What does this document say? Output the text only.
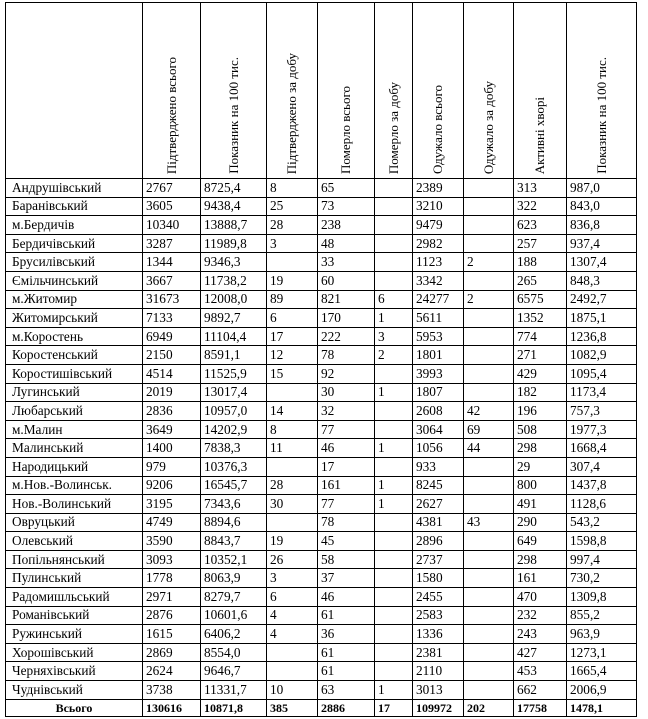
	Підтверджено всього	Показник на 100 тис.	Підтверджено за добу	Померло всього	Померло за добу	Одужало всього	Одужало за добу	Активні хворі	Показник на 100 тис.

Андрушівський	2767	8725,4	8	65		2389		313	987,0
Баранівський	3605	9438,4	25	73		3210		322	843,0
м.Бердичів	10340	13888,7	28	238		9479		623	836,8
Бердичівський	3287	11989,8	3	48		2982		257	937,4
Брусилівський	1344	9346,3		33		1123	2	188	1307,4
Ємільчинський	3667	11738,2	19	60		3342		265	848,3
м.Житомир	31673	12008,0	89	821	6	24277	2	6575	2492,7
Житомирський	7133	9892,7	6	170	1	5611		1352	1875,1
м.Коростень	6949	11104,4	17	222	3	5953		774	1236,8
Коростенський	2150	8591,1	12	78	2	1801		271	1082,9
Коростишівський	4514	11525,9	15	92		3993		429	1095,4
Лугинський	2019	13017,4		30	1	1807		182	1173,4
Любарський	2836	10957,0	14	32		2608	42	196	757,3
м.Малин	3649	14202,9	8	77		3064	69	508	1977,3
Малинський	1400	7838,3	11	46	1	1056	44	298	1668,4
Народицький	979	10376,3		17		933		29	307,4
м.Нов.-Волинськ.	9206	16545,7	28	161	1	8245		800	1437,8
Нов.-Волинський	3195	7343,6	30	77	1	2627		491	1128,6
Овруцький	4749	8894,6		78		4381	43	290	543,2
Олевський	3590	8843,7	19	45		2896		649	1598,8
Попільнянський	3093	10352,1	26	58		2737		298	997,4
Пулинський	1778	8063,9	3	37		1580		161	730,2
Радомишльський	2971	8279,7	6	46		2455		470	1309,8
Романівський	2876	10601,6	4	61		2583		232	855,2
Ружинський	1615	6406,2	4	36		1336		243	963,9
Хорошівський	2869	8554,0		61		2381		427	1273,1
Черняхівський	2624	9646,7		61		2110		453	1665,4
Чуднівський	3738	11331,7	10	63	1	3013		662	2006,9
Всього	130616	10871,8	385	2886	17	109972	202	17758	1478,1
